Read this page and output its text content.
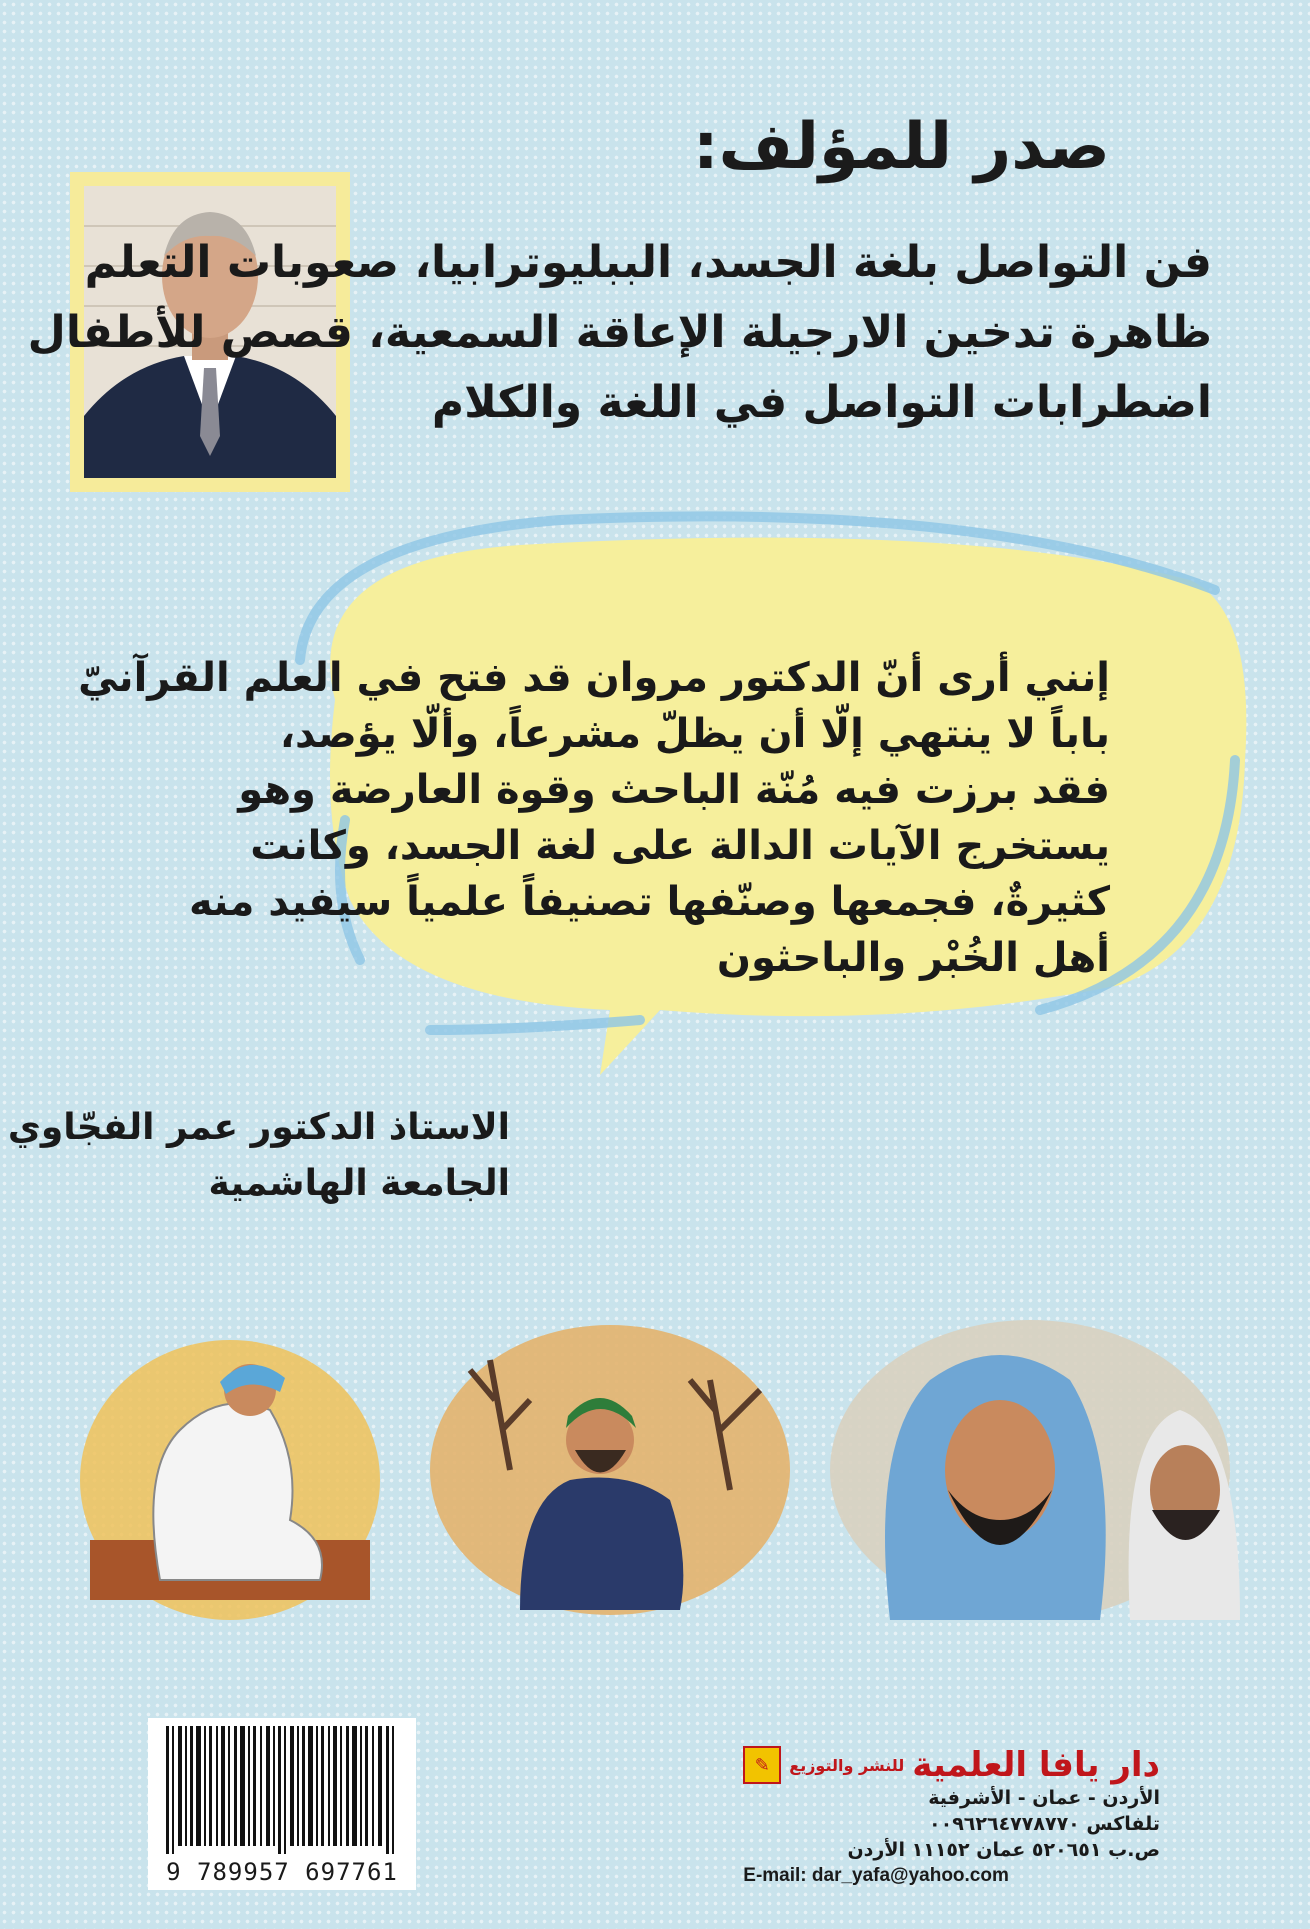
صدر للمؤلف:
فن التواصل بلغة الجسد، الببليوترابيا، صعوبات التعلم
ظاهرة تدخين الارجيلة الإعاقة السمعية، قصص للأطفال
اضطرابات التواصل في اللغة والكلام
إنني أرى أنّ الدكتور مروان قد فتح في العلم القرآنيّ
باباً لا ينتهي إلّا أن يظلّ مشرعاً، وألّا يؤصد،
فقد برزت فيه مُنّة الباحث وقوة العارضة وهو
يستخرج الآيات الدالة على لغة الجسد، وكانت
كثيرةٌ، فجمعها وصنّفها تصنيفاً علمياً سيفيد منه
أهل الخُبْر والباحثون
الاستاذ الدكتور عمر الفجّاوي
الجامعة الهاشمية
9 789957 697761
دار يافا العلمية
للنشر والتوزيع
✎
الأردن - عمان - الأشرفية
تلفاكس ٠٠٩٦٢٦٤٧٧٨٧٧٠
ص.ب ٥٢٠٦٥١ عمان ١١١٥٢ الأردن
E-mail: dar_yafa@yahoo.com
